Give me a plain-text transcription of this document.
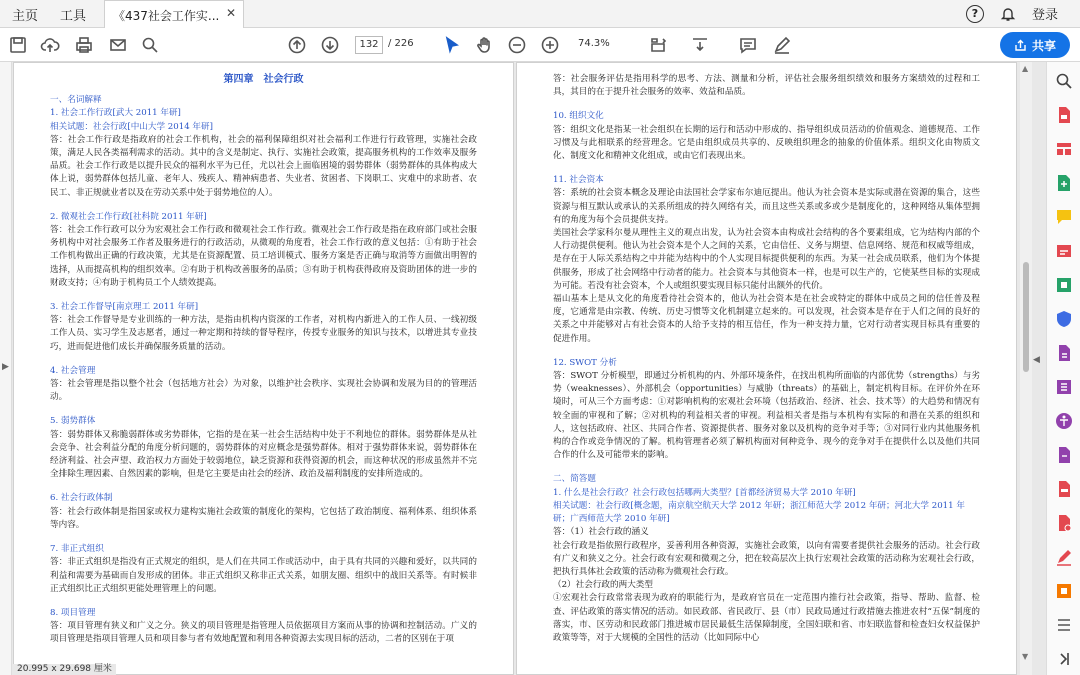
主页 工具	《437社会工作实... ✕	?	登录
132 / 226	74.3%	共享
▶
第四章　社会行政
一、名词解释
1. 社会工作行政[武大 2011 年研]
相关试题：社会行政[中山大学 2014 年研]
答：社会工作行政是指政府的社会工作机构，社会的福利保障组织对社会福利工作进行行政管理，实施社会政策，满足人民各类福利需求的活动。其中的含义是制定、执行、实施社会政策，提高服务机构的工作效率及服务品质。社会工作行政是以提升民众的福利水平为已任，尤以社会上面临困境的弱势群体（弱势群体的具体构成大体上说，弱势群体包括儿童、老年人、残疾人、精神病患者、失业者、贫困者、下岗职工、灾难中的求助者、农民工、非正规就业者以及在劳动关系中处于弱势地位的人）。
2. 微观社会工作行政[社科院 2011 年研]
答：社会工作行政可以分为宏观社会工作行政和微观社会工作行政。微观社会工作行政是指在政府部门或社会服务机构中对社会服务工作者及服务进行的行政活动，从微观的角度看，社会工作行政的意义包括：①有助于社会工作机构做出正确的行政决策，尤其是在资源配置、员工培训模式、服务方案是否正确与取消等方面做出明智的选择，从而提高机构的组织效率。②有助于机构改善服务的品质；③有助于机构获得政府及资助团体的进一步的财政支持；④有助于机构员工个人绩效提高。
3. 社会工作督导[南京理工 2011 年研]
答：社会工作督导是专业训练的一种方法，是指由机构内资深的工作者，对机构内新进入的工作人员、一线初级工作人员、实习学生及志愿者，通过一种定期和持续的督导程序，传授专业服务的知识与技术，以增进其专业技巧，进而促进他们成长并确保服务质量的活动。
4. 社会管理
答：社会管理是指以整个社会（包括地方社会）为对象，以维护社会秩序、实现社会协调和发展为目的的管理活动。
5. 弱势群体
答：弱势群体又称脆弱群体或劣势群体，它指的是在某一社会生活结构中处于不利地位的群体。弱势群体是从社会竞争、社会利益分配的角度分析问题的，弱势群体的对应概念是强势群体。相对于强势群体来说，弱势群体在经济利益、社会声望、政治权力方面处于较弱地位，缺乏资源和获得资源的机会，而这种状况的形成虽然并不完全排除生理因素、自然因素的影响，但是它主要是由社会的经济、政治及福利制度的安排所造成的。
6. 社会行政体制
答：社会行政体制是指国家或权力建构实施社会政策的制度化的架构，它包括了政治制度、福利体系、组织体系等内容。
7. 非正式组织
答：非正式组织是指没有正式规定的组织，是人们在共同工作或活动中，由于具有共同的兴趣和爱好，以共同的利益和需要为基础而自发形成的团体。非正式组织又称非正式关系，如朋友圈、组织中的战旧关系等。有时候非正式组织比正式组织更能处理管理上的问题。
8. 项目管理
答：项目管理有狭义和广义之分。狭义的项目管理是指管理人员依据项目方案而从事的协调和控制活动。广义的项目管理是指项目管理人员和项目参与者有效地配置和利用各种资源去实现目标的活动，二者的区别在于项
答：社会服务评估是指用科学的思考、方法、测量和分析，评估社会服务组织绩效和服务方案绩效的过程和工具，其目的在于提升社会服务的效率、效益和品质。
10. 组织文化
答：组织文化是指某一社会组织在长期的运行和活动中形成的、指导组织成员活动的价值观念、道德规范、工作习惯及与此相联系的经营理念。它是由组织成员共享的、反映组织理念的抽象的价值体系。组织文化由物质文化、制度文化和精神文化组成，或由它们表现出来。
11. 社会资本
答：系统的社会资本概念及理论由法国社会学家布尔迪厄提出。他认为社会资本是实际或潜在资源的集合，这些资源与相互默认或承认的关系所组成的持久网络有关，而且这些关系或多或少是制度化的，这种网络从集体型拥有的角度为每个会员提供支持。
美国社会学家科尔曼从理性主义的观点出发，认为社会资本由构成社会结构的各个要素组成，它为结构内部的个人行动提供便利。他认为社会资本是个人之间的关系，它由信任、义务与期望、信息网络、规范和权威等组成，是存在于人际关系结构之中并能为结构中的个人实现目标提供便利的东西。为某一社会成员联系，他们为个体提供服务，形成了社会网络中行动者的能力。社会资本与其他资本一样，也是可以生产的，它使某些目标的实现成为可能。若没有社会资本，个人或组织要实现目标只能付出额外的代价。
福山基本上是从文化的角度看待社会资本的，他认为社会资本是在社会或特定的群体中成员之间的信任普及程度，它通常是由宗教、传统、历史习惯等文化机制建立起来的。可以发现，社会资本是存在于人们之间的良好的关系之中并能够对占有社会资本的人给予支持的相互信任，作为一种支持力量，它对行动者实现目标具有重要的促进作用。
12. SWOT 分析
答：SWOT 分析模型，即通过分析机构的内、外部环境条件，在找出机构所面临的内部优势（strengths）与劣势（weaknesses）、外部机会（opportunities）与威胁（threats）的基础上，制定机构目标。在评价外在环境时，可从三个方面考虑：①对影响机构的宏观社会环境（包括政治、经济、社会、技术等）的大趋势和情况有较全面的审视和了解；②对机构的利益相关者的审视。利益相关者是指与本机构有实际的和潜在关系的组织和人，这包括政府、社区、共同合作者、资源提供者、服务对象以及机构的竞争对手等；③对同行业内其他服务机构的合作或竞争情况的了解。机构管理者必须了解机构面对何种竞争、现今的竞争对手在提供什么以及他们共同合作的什么及可能带来的影响。
二、简答题
1. 什么是社会行政？社会行政包括哪两大类型？[首都经济贸易大学 2010 年研]
相关试题：社会行政[概念题，南京航空航天大学 2012 年研；浙江师范大学 2012 年研；河北大学 2011 年研；广西师范大学 2010 年研]
答：（1）社会行政的涵义
社会行政是指依照行政程序，妥善利用各种资源，实施社会政策，以向有需要者提供社会服务的活动。社会行政有广义和狭义之分。社会行政有宏观和微观之分，把在较高层次上执行宏观社会政策的活动称为宏观社会行政，把执行具体社会政策的活动称为微观社会行政。
（2）社会行政的两大类型
①宏观社会行政常常表现为政府的职能行为，是政府官员在一定范围内推行社会政策，指导、帮助、监督、检查、评估政策的落实情况的活动。如民政部、省民政厅、县（市）民政局通过行政措施去推进农村“五保”制度的落实，市、区劳动和民政部门推进城市居民最低生活保障制度，全国妇联和省、市妇联监督和检查妇女权益保护政策等等，对于大规模的全国性的活动（比如同际中心
▲
▼
◀
20.995 x 29.698 厘米
